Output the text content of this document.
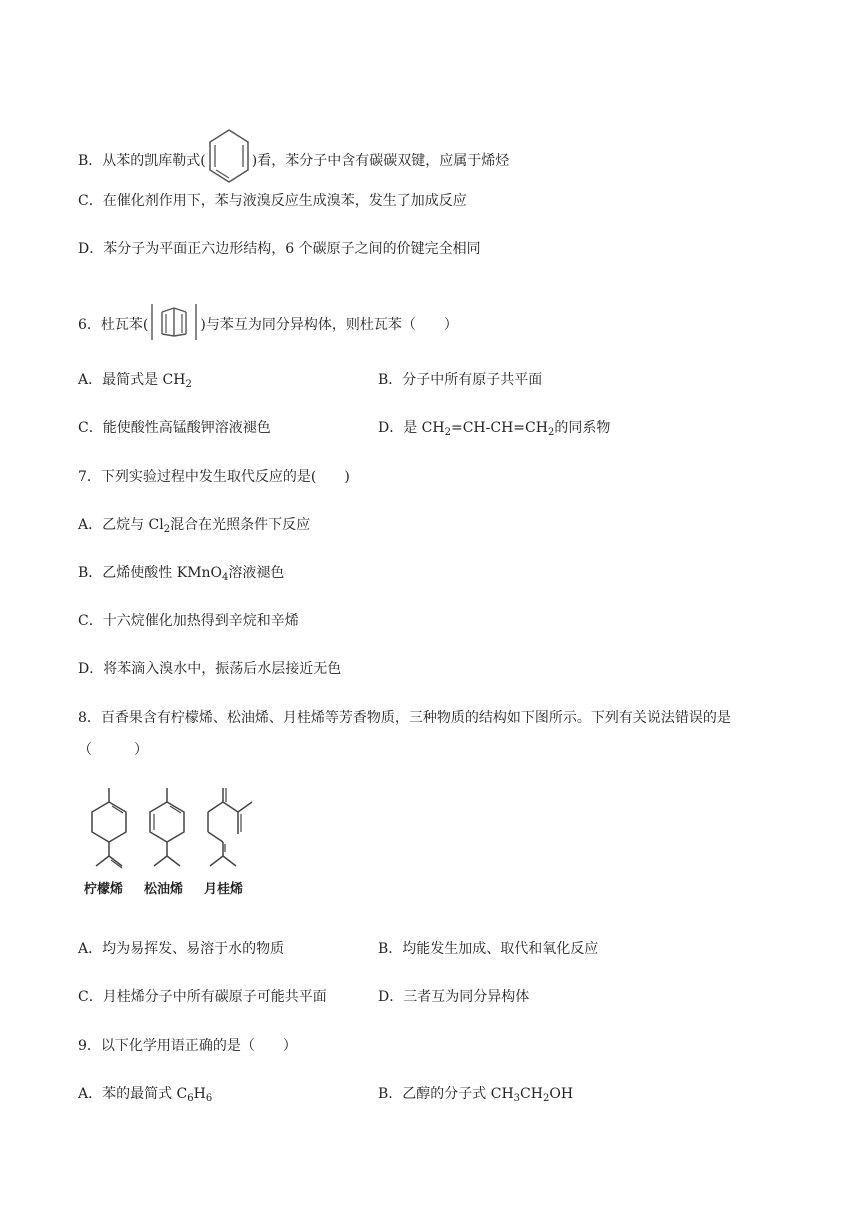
B．从苯的凯库勒式(	)看，苯分子中含有碳碳双键，应属于烯烃
C．在催化剂作用下，苯与液溴反应生成溴苯，发生了加成反应
D．苯分子为平面正六边形结构，6 个碳原子之间的价键完全相同
6．杜瓦苯(	)与苯互为同分异构体，则杜瓦苯（　　）
A．最简式是 $CH_2$	B．分子中所有原子共平面
C．能使酸性高锰酸钾溶液褪色	D．是 $CH_2=CH-CH=CH_2$的同系物
7．下列实验过程中发生取代反应的是(　　)
A．乙烷与 $Cl_2$混合在光照条件下反应
B．乙烯使酸性 KMnO$_4$溶液褪色
C．十六烷催化加热得到辛烷和辛烯
D．将苯滴入溴水中，振荡后水层接近无色
8．百香果含有柠檬烯、松油烯、月桂烯等芳香物质，三种物质的结构如下图所示。下列有关说法错误的是
（　　　）
柠檬烯 松油烯 月桂烯
A．均为易挥发、易溶于水的物质	B．均能发生加成、取代和氧化反应
C．月桂烯分子中所有碳原子可能共平面	D．三者互为同分异构体
9．以下化学用语正确的是（　　）
A．苯的最简式 $C_6H_6$	B．乙醇的分子式 $CH_3CH_2OH$
